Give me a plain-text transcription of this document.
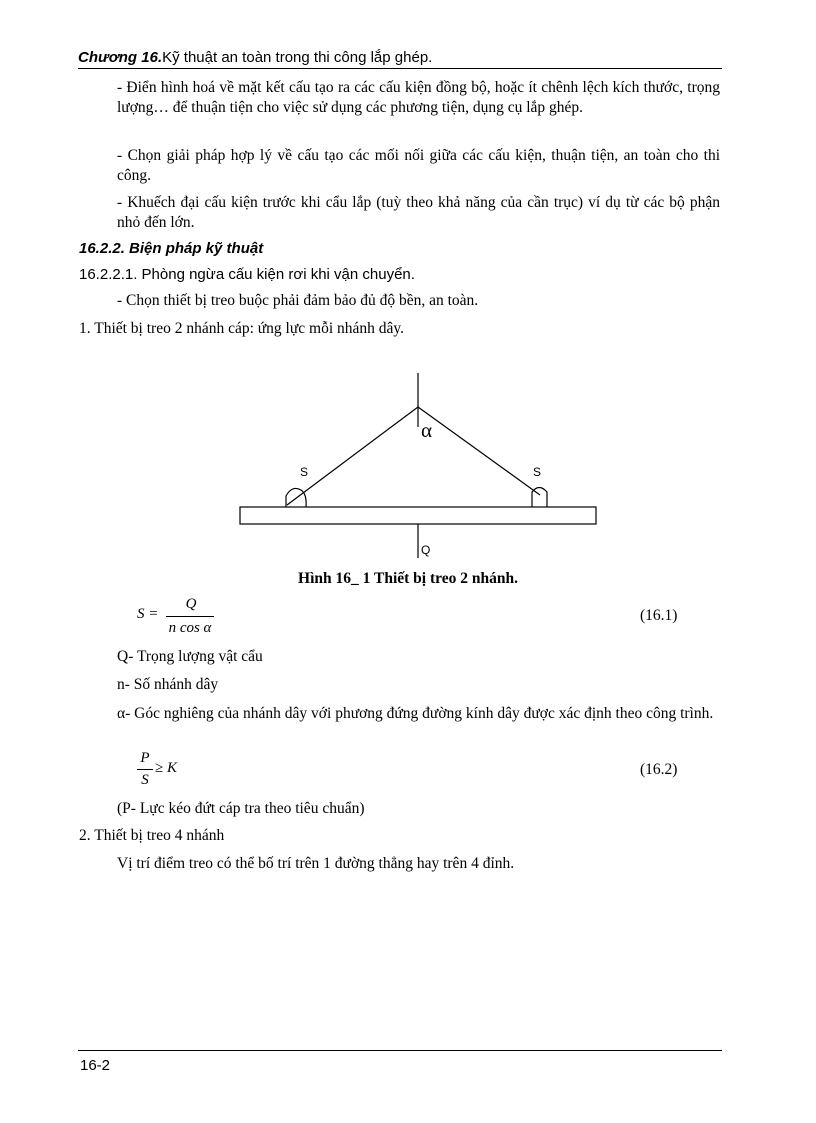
Chương 16.Kỹ thuật an toàn trong thi công lắp ghép.
- Điển hình hoá về mặt kết cấu tạo ra các cấu kiện đồng bộ, hoặc ít chênh lệch kích thước, trọng lượng… để thuận tiện cho việc sử dụng các phương tiện, dụng cụ lắp ghép.
- Chọn giải pháp hợp lý về cấu tạo các mối nối giữa các cấu kiện, thuận tiện, an toàn cho thi công.
- Khuếch đại cấu kiện trước khi cẩu lắp (tuỳ theo khả năng của cần trục) ví dụ từ các bộ phận nhỏ đến lớn.
16.2.2. Biện pháp kỹ thuật
16.2.2.1. Phòng ngừa cấu kiện rơi khi vận chuyển.
- Chọn thiết bị treo buộc phải đảm bảo đủ độ bền, an toàn.
1. Thiết bị treo 2 nhánh cáp: ứng lực mỗi nhánh dây.
α
S	S
Q
Hình 16_ 1 Thiết bị treo 2 nhánh.
S =
Q
n cos α
(16.1)
Q- Trọng lượng vật cẩu
n- Số nhánh dây
α- Góc nghiêng của nhánh dây với phương đứng đường kính dây được xác định theo công trình.
P
S
≥ K	(16.2)
(P- Lực kéo đứt cáp tra theo tiêu chuẩn)
2. Thiết bị treo 4 nhánh
Vị trí điểm treo có thể bố trí trên 1 đường thẳng hay trên 4 đỉnh.
16-2
